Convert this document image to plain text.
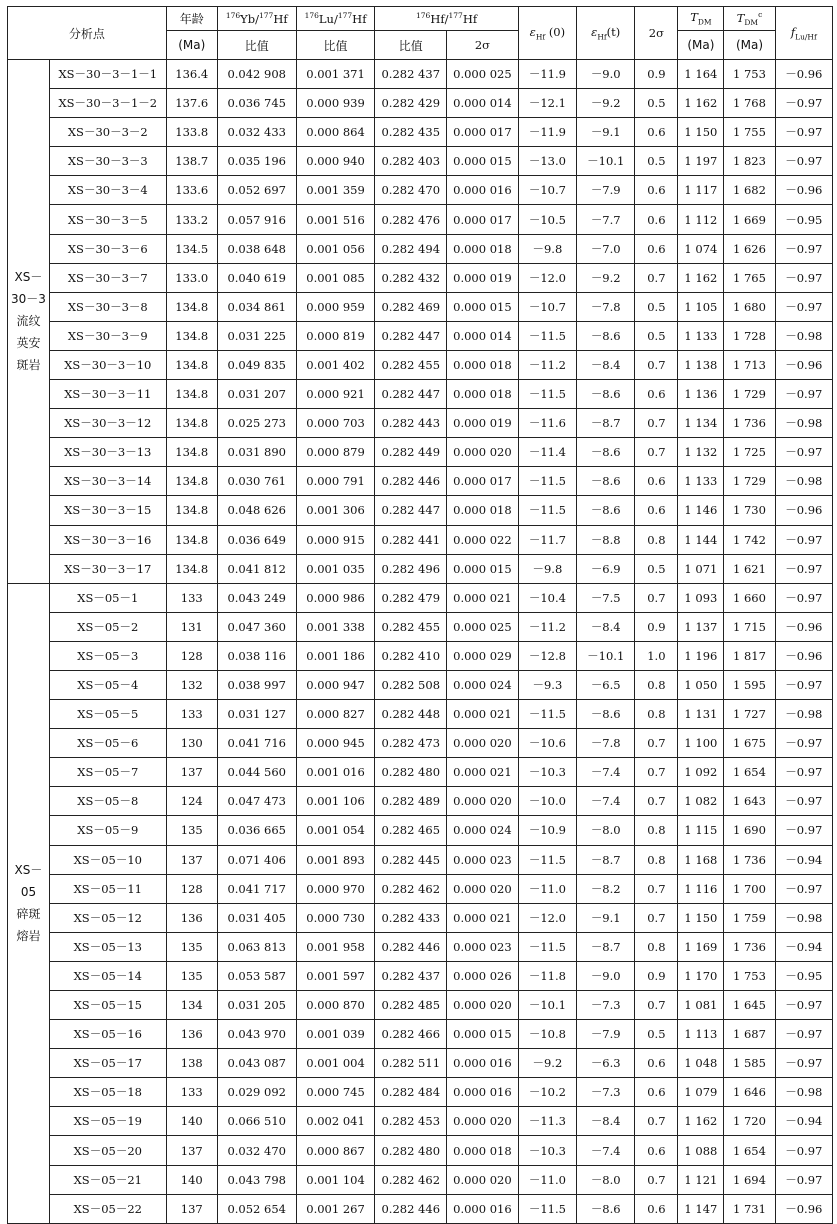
分析点		年龄	$^{176}$Yb/$^{177}$Hf	$^{176}$Lu/$^{177}$Hf	$^{176}$Hf/$^{177}$Hf		$\varepsilon_{Hf}$ (0)	$\varepsilon_{Hf}(t)$	2σ	$T_{DM}$	$T_{DM}^c$	$f_{Lu/Hf}$
		(Ma)	比值	比值	比值	2σ				(Ma)	(Ma)	

XS－
30－3
流纹
英安
斑岩	XS－30－3－1－1	136.4	0.042 908	0.001 371	0.282 437	0.000 025	－11.9	－9.0	0.9	1 164	1 753	－0.96
	XS－30－3－1－2	137.6	0.036 745	0.000 939	0.282 429	0.000 014	－12.1	－9.2	0.5	1 162	1 768	－0.97
	XS－30－3－2	133.8	0.032 433	0.000 864	0.282 435	0.000 017	－11.9	－9.1	0.6	1 150	1 755	－0.97
	XS－30－3－3	138.7	0.035 196	0.000 940	0.282 403	0.000 015	－13.0	－10.1	0.5	1 197	1 823	－0.97
	XS－30－3－4	133.6	0.052 697	0.001 359	0.282 470	0.000 016	－10.7	－7.9	0.6	1 117	1 682	－0.96
	XS－30－3－5	133.2	0.057 916	0.001 516	0.282 476	0.000 017	－10.5	－7.7	0.6	1 112	1 669	－0.95
	XS－30－3－6	134.5	0.038 648	0.001 056	0.282 494	0.000 018	－9.8	－7.0	0.6	1 074	1 626	－0.97
	XS－30－3－7	133.0	0.040 619	0.001 085	0.282 432	0.000 019	－12.0	－9.2	0.7	1 162	1 765	－0.97
	XS－30－3－8	134.8	0.034 861	0.000 959	0.282 469	0.000 015	－10.7	－7.8	0.5	1 105	1 680	－0.97
	XS－30－3－9	134.8	0.031 225	0.000 819	0.282 447	0.000 014	－11.5	－8.6	0.5	1 133	1 728	－0.98
	XS－30－3－10	134.8	0.049 835	0.001 402	0.282 455	0.000 018	－11.2	－8.4	0.7	1 138	1 713	－0.96
	XS－30－3－11	134.8	0.031 207	0.000 921	0.282 447	0.000 018	－11.5	－8.6	0.6	1 136	1 729	－0.97
	XS－30－3－12	134.8	0.025 273	0.000 703	0.282 443	0.000 019	－11.6	－8.7	0.7	1 134	1 736	－0.98
	XS－30－3－13	134.8	0.031 890	0.000 879	0.282 449	0.000 020	－11.4	－8.6	0.7	1 132	1 725	－0.97
	XS－30－3－14	134.8	0.030 761	0.000 791	0.282 446	0.000 017	－11.5	－8.6	0.6	1 133	1 729	－0.98
	XS－30－3－15	134.8	0.048 626	0.001 306	0.282 447	0.000 018	－11.5	－8.6	0.6	1 146	1 730	－0.96
	XS－30－3－16	134.8	0.036 649	0.000 915	0.282 441	0.000 022	－11.7	－8.8	0.8	1 144	1 742	－0.97
	XS－30－3－17	134.8	0.041 812	0.001 035	0.282 496	0.000 015	－9.8	－6.9	0.5	1 071	1 621	－0.97

XS－
05
碎斑
熔岩	XS－05－1	133	0.043 249	0.000 986	0.282 479	0.000 021	－10.4	－7.5	0.7	1 093	1 660	－0.97
	XS－05－2	131	0.047 360	0.001 338	0.282 455	0.000 025	－11.2	－8.4	0.9	1 137	1 715	－0.96
	XS－05－3	128	0.038 116	0.001 186	0.282 410	0.000 029	－12.8	－10.1	1.0	1 196	1 817	－0.96
	XS－05－4	132	0.038 997	0.000 947	0.282 508	0.000 024	－9.3	－6.5	0.8	1 050	1 595	－0.97
	XS－05－5	133	0.031 127	0.000 827	0.282 448	0.000 021	－11.5	－8.6	0.8	1 131	1 727	－0.98
	XS－05－6	130	0.041 716	0.000 945	0.282 473	0.000 020	－10.6	－7.8	0.7	1 100	1 675	－0.97
	XS－05－7	137	0.044 560	0.001 016	0.282 480	0.000 021	－10.3	－7.4	0.7	1 092	1 654	－0.97
	XS－05－8	124	0.047 473	0.001 106	0.282 489	0.000 020	－10.0	－7.4	0.7	1 082	1 643	－0.97
	XS－05－9	135	0.036 665	0.001 054	0.282 465	0.000 024	－10.9	－8.0	0.8	1 115	1 690	－0.97
	XS－05－10	137	0.071 406	0.001 893	0.282 445	0.000 023	－11.5	－8.7	0.8	1 168	1 736	－0.94
	XS－05－11	128	0.041 717	0.000 970	0.282 462	0.000 020	－11.0	－8.2	0.7	1 116	1 700	－0.97
	XS－05－12	136	0.031 405	0.000 730	0.282 433	0.000 021	－12.0	－9.1	0.7	1 150	1 759	－0.98
	XS－05－13	135	0.063 813	0.001 958	0.282 446	0.000 023	－11.5	－8.7	0.8	1 169	1 736	－0.94
	XS－05－14	135	0.053 587	0.001 597	0.282 437	0.000 026	－11.8	－9.0	0.9	1 170	1 753	－0.95
	XS－05－15	134	0.031 205	0.000 870	0.282 485	0.000 020	－10.1	－7.3	0.7	1 081	1 645	－0.97
	XS－05－16	136	0.043 970	0.001 039	0.282 466	0.000 015	－10.8	－7.9	0.5	1 113	1 687	－0.97
	XS－05－17	138	0.043 087	0.001 004	0.282 511	0.000 016	－9.2	－6.3	0.6	1 048	1 585	－0.97
	XS－05－18	133	0.029 092	0.000 745	0.282 484	0.000 016	－10.2	－7.3	0.6	1 079	1 646	－0.98
	XS－05－19	140	0.066 510	0.002 041	0.282 453	0.000 020	－11.3	－8.4	0.7	1 162	1 720	－0.94
	XS－05－20	137	0.032 470	0.000 867	0.282 480	0.000 018	－10.3	－7.4	0.6	1 088	1 654	－0.97
	XS－05－21	140	0.043 798	0.001 104	0.282 462	0.000 020	－11.0	－8.0	0.7	1 121	1 694	－0.97
	XS－05－22	137	0.052 654	0.001 267	0.282 446	0.000 016	－11.5	－8.6	0.6	1 147	1 731	－0.96
